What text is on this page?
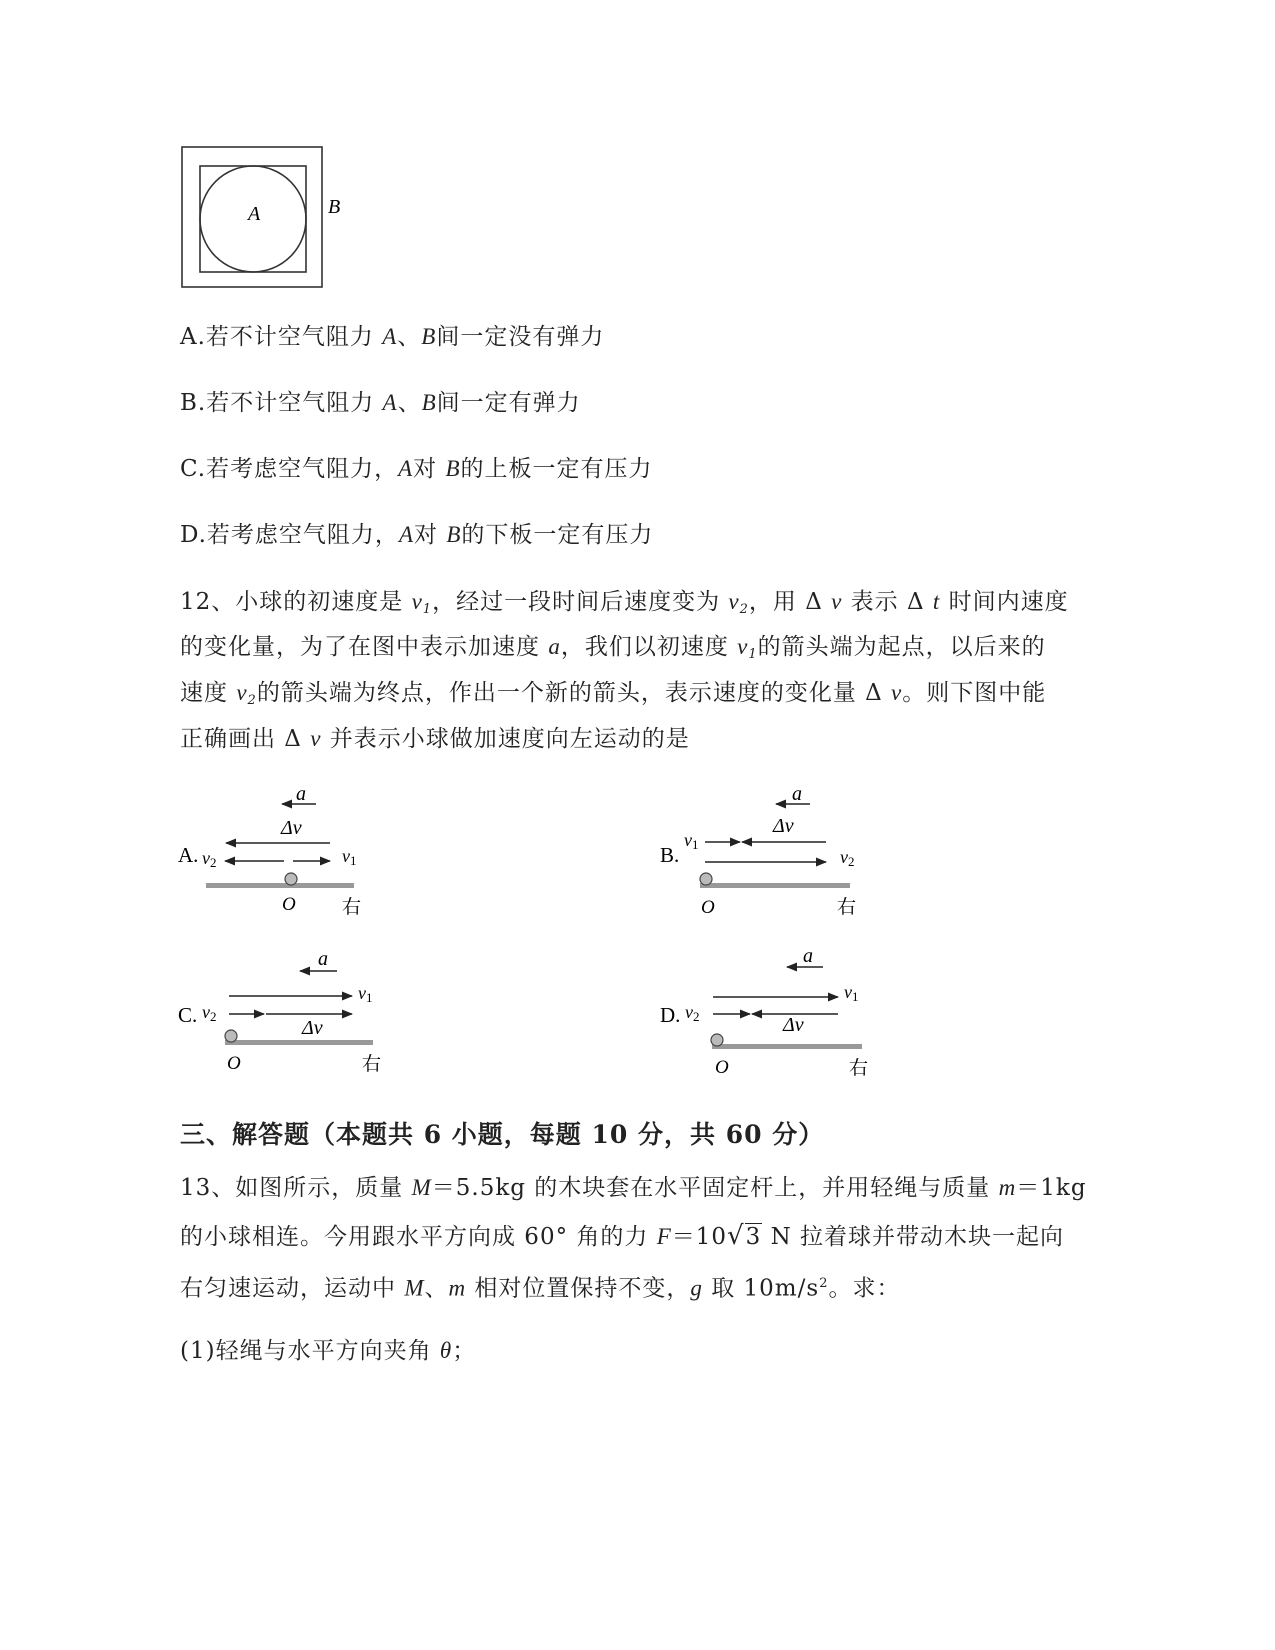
A	B
A.若不计空气阻力 A、B间一定没有弹力
B.若不计空气阻力 A、B间一定有弹力
C.若考虑空气阻力，A对 B的上板一定有压力
D.若考虑空气阻力，A对 B的下板一定有压力
12、小球的初速度是 $v_1$，经过一段时间后速度变为 $v_2$，用 Δ v 表示 Δ t 时间内速度
的变化量，为了在图中表示加速度 a，我们以初速度 $v_1$的箭头端为起点，以后来的
速度 $v_2$的箭头端为终点，作出一个新的箭头，表示速度的变化量 Δ v。则下图中能
正确画出 Δ v 并表示小球做加速度向左运动的是
A.
a
Δv
v2	v1
O 右
B.
a
v1
Δv
v2
O	右
C.
a
v1
v2
Δv
O	右
D.
a
v1
v2	Δv
O	右
三、解答题（本题共 6 小题，每题 10 分，共 60 分）
13、如图所示，质量 M＝5.5kg 的木块套在水平固定杆上，并用轻绳与质量 m＝1kg
的小球相连。今用跟水平方向成 60° 角的力 F＝10√3 N 拉着球并带动木块一起向
右匀速运动，运动中 M、m 相对位置保持不变，g 取 $10m/s^2$。求：
(1)轻绳与水平方向夹角 θ；
